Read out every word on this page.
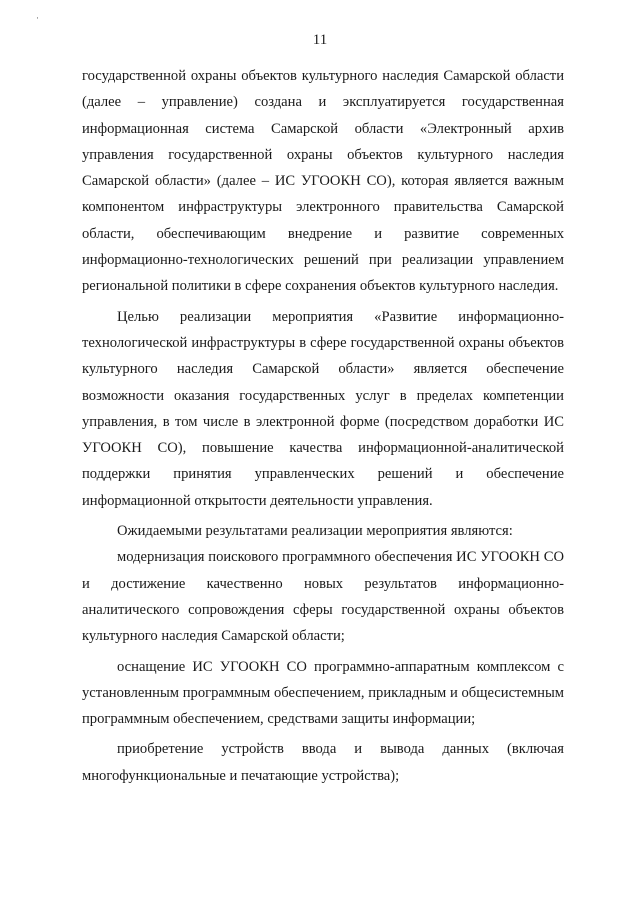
·
11

государственной охраны объектов культурного наследия Самарской области (далее – управление) создана и эксплуатируется государственная информационная система Самарской области «Электронный архив управления государственной охраны объектов культурного наследия Самарской области» (далее – ИС УГООКН СО), которая является важным компонентом инфраструктуры электронного правительства Самарской области, обеспечивающим внедрение и развитие современных информационно-технологических решений при реализации управлением региональной политики в сфере сохранения объектов культурного наследия.

Целью реализации мероприятия «Развитие информационно-технологической инфраструктуры в сфере государственной охраны объектов культурного наследия Самарской области» является обеспечение возможности оказания государственных услуг в пределах компетенции управления, в том числе в электронной форме (посредством доработки ИС УГООКН СО), повышение качества информационной-аналитической поддержки принятия управленческих решений и обеспечение информационной открытости деятельности управления.

Ожидаемыми результатами реализации мероприятия являются:

модернизация поискового программного обеспечения ИС УГООКН СО и достижение качественно новых результатов информационно-аналитического сопровождения сферы государственной охраны объектов культурного наследия Самарской области;

оснащение ИС УГООКН СО программно-аппаратным комплексом с установленным программным обеспечением, прикладным и общесистемным программным обеспечением, средствами защиты информации;

приобретение устройств ввода и вывода данных (включая многофункциональные и печатающие устройства);
